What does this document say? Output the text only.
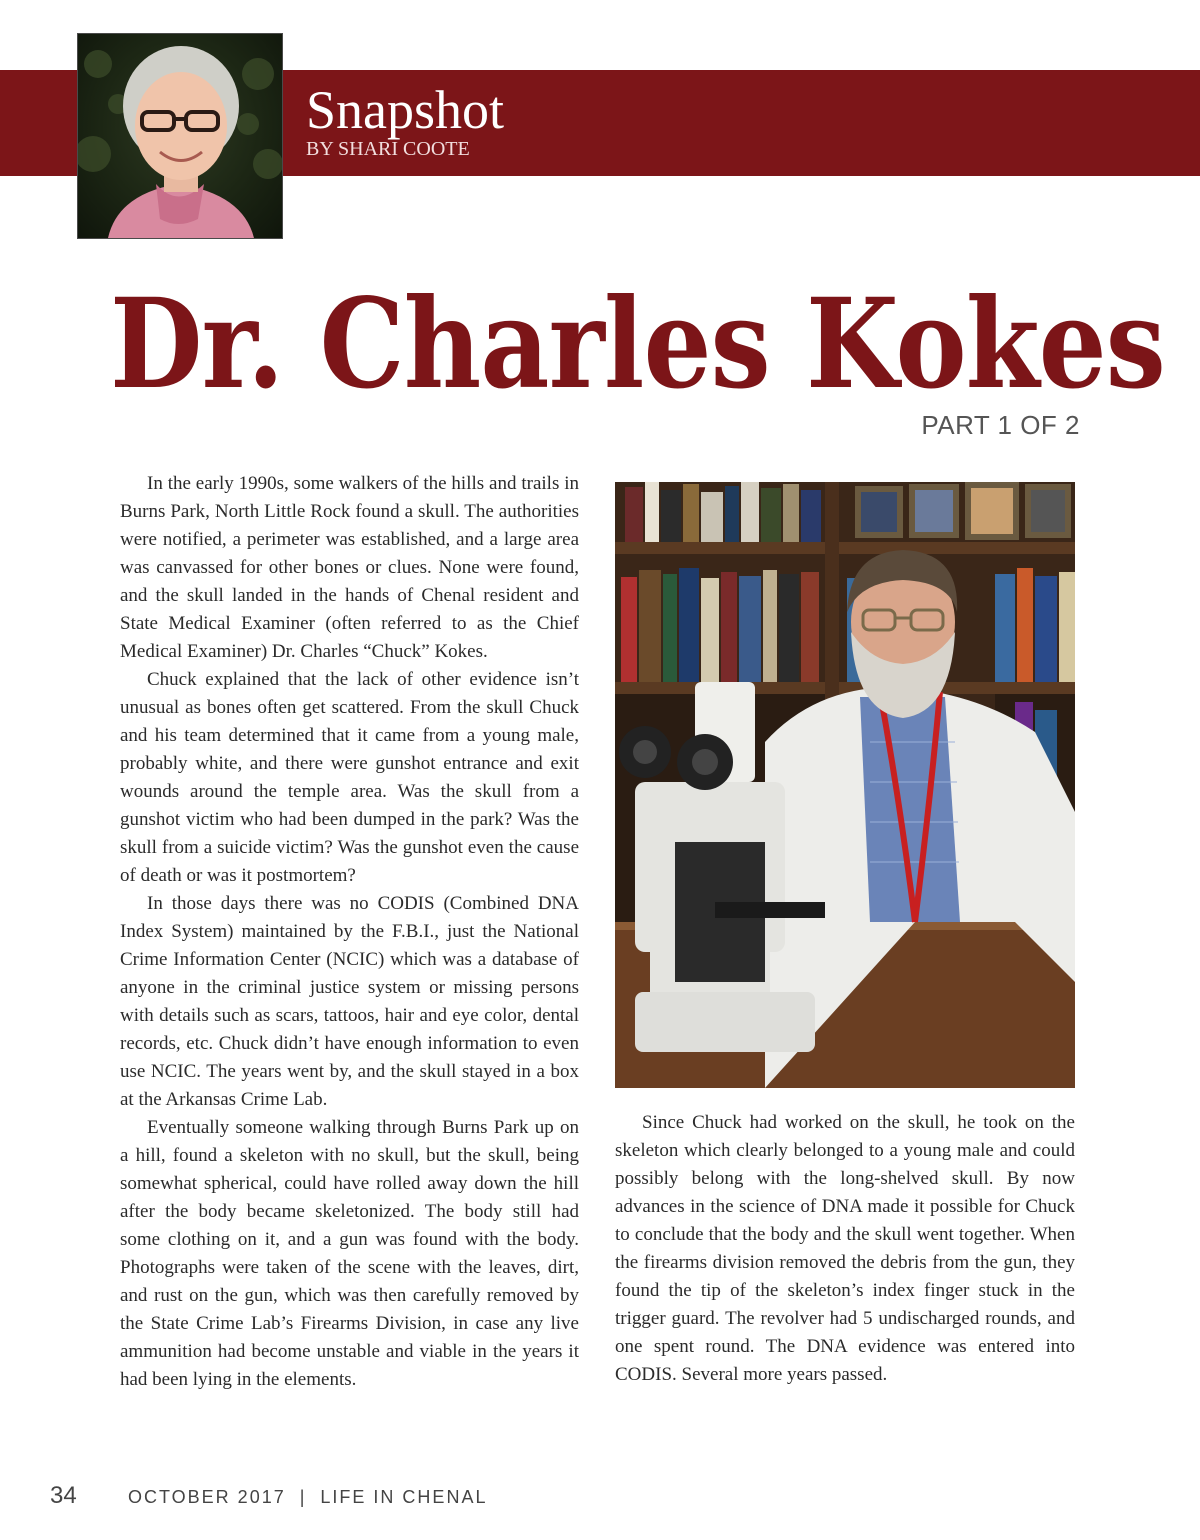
Snapshot
BY SHARI COOTE
Dr. Charles Kokes
PART 1 OF 2

In the early 1990s, some walkers of the hills and trails in Burns Park, North Little Rock found a skull. The authorities were notified, a perimeter was established, and a large area was canvassed for other bones or clues. None were found, and the skull landed in the hands of Chenal resident and State Medical Examiner (often referred to as the Chief Medical Examiner) Dr. Charles “Chuck” Kokes.

Chuck explained that the lack of other evidence isn’t unusual as bones often get scattered. From the skull Chuck and his team determined that it came from a young male, probably white, and there were gunshot entrance and exit wounds around the temple area. Was the skull from a gunshot victim who had been dumped in the park? Was the skull from a suicide victim? Was the gunshot even the cause of death or was it postmortem?

In those days there was no CODIS (Combined DNA Index System) maintained by the F.B.I., just the National Crime Information Center (NCIC) which was a database of anyone in the criminal justice system or missing persons with details such as scars, tattoos, hair and eye color, dental records, etc. Chuck didn’t have enough information to even use NCIC. The years went by, and the skull stayed in a box at the Arkansas Crime Lab.

Eventually someone walking through Burns Park up on a hill, found a skeleton with no skull, but the skull, being somewhat spherical, could have rolled away down the hill after the body became skeletonized. The body still had some clothing on it, and a gun was found with the body. Photographs were taken of the scene with the leaves, dirt, and rust on the gun, which was then carefully removed by the State Crime Lab’s Firearms Division, in case any live ammunition had become unstable and viable in the years it had been lying in the elements.

Since Chuck had worked on the skull, he took on the skeleton which clearly belonged to a young male and could possibly belong with the long-shelved skull. By now advances in the science of DNA made it possible for Chuck to conclude that the body and the skull went together. When the firearms division removed the debris from the gun, they found the tip of the skeleton’s index finger stuck in the trigger guard. The revolver had 5 undischarged rounds, and one spent round. The DNA evidence was entered into CODIS. Several more years passed.

34	OCTOBER 2017 | LIFE IN CHENAL
